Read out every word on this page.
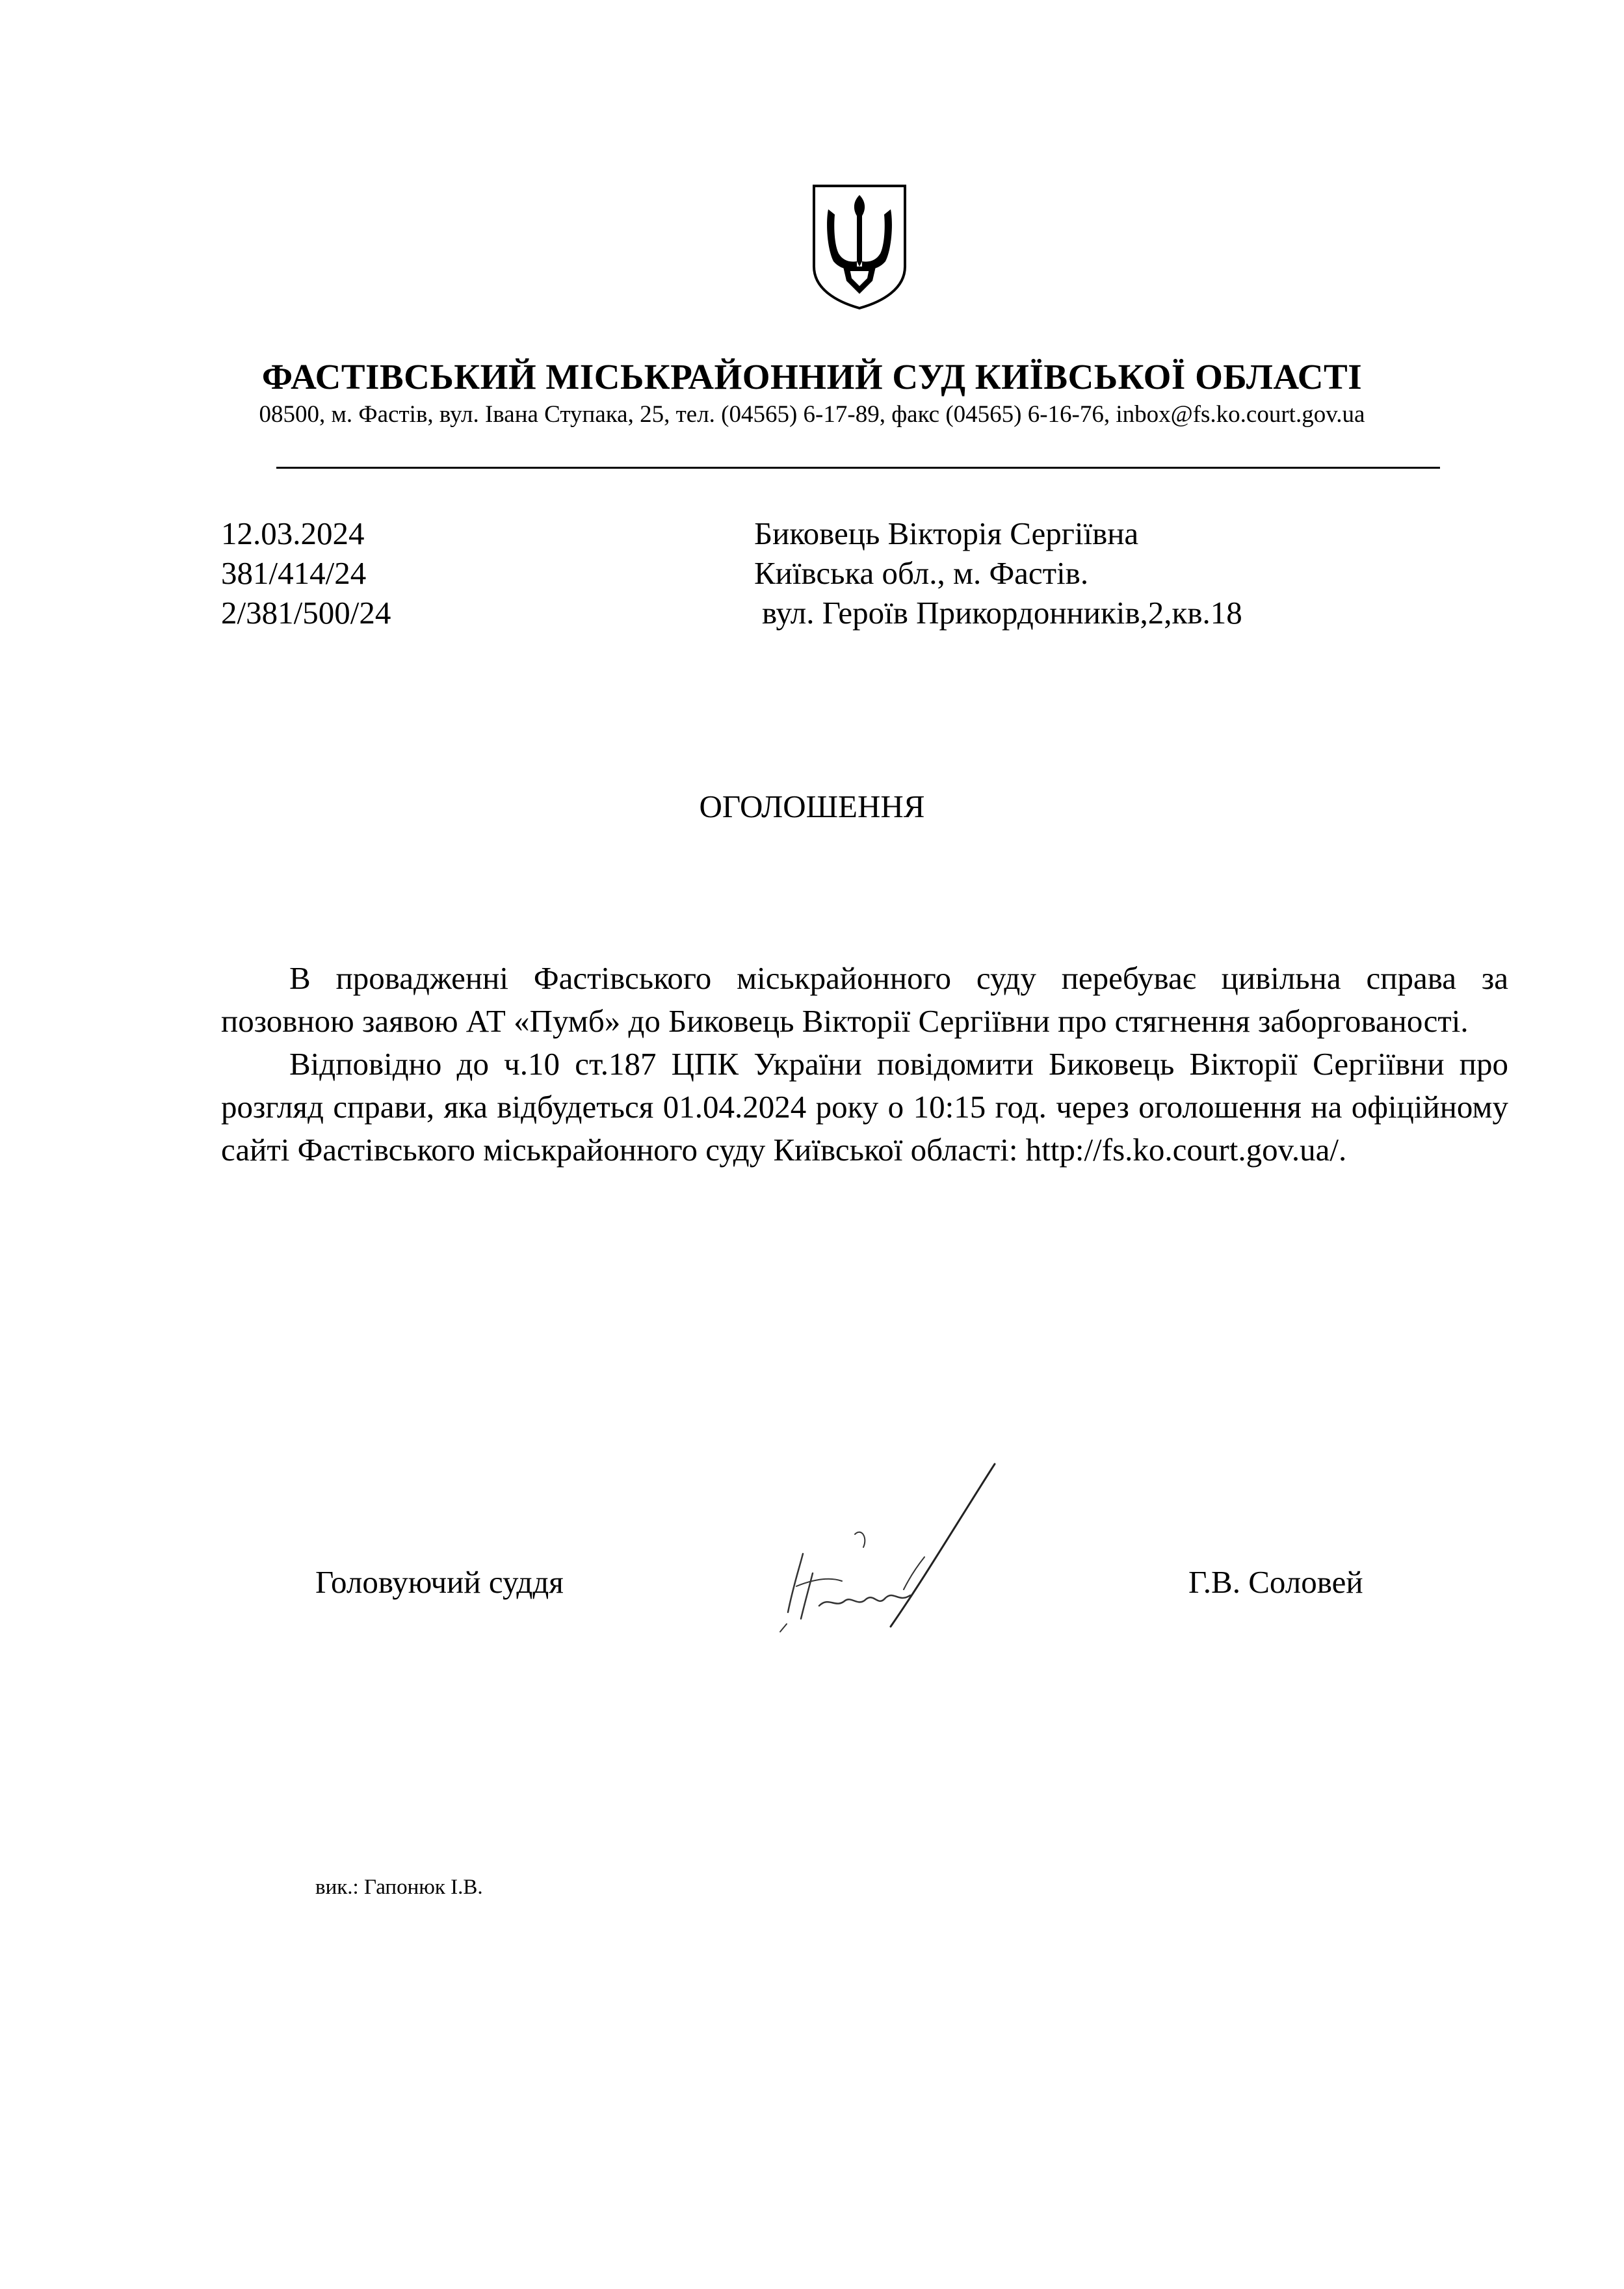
ФАСТІВСЬКИЙ МІСЬКРАЙОННИЙ СУД КИЇВСЬКОЇ ОБЛАСТІ

08500, м. Фастів, вул. Івана Ступака, 25, тел. (04565) 6-17-89, факс (04565) 6-16-76, inbox@fs.ko.court.gov.ua

12.03.2024
381/414/24
2/381/500/24
Биковець Вікторія Сергіївна
Київська обл., м. Фастів.
вул. Героїв Прикордонників,2,кв.18
ОГОЛОШЕННЯ

В провадженні Фастівського міськрайонного суду перебуває цивільна справа за позовною заявою АТ «Пумб» до Биковець Вікторії Сергіївни про стягнення заборгованості.

Відповідно до ч.10 ст.187 ЦПК України повідомити Биковець Вікторії Сергіївни про розгляд справи, яка відбудеться 01.04.2024 року о 10:15 год. через оголошення на офіційному сайті Фастівського міськрайонного суду Київської області: http://fs.ko.court.gov.ua/.

Головуючий суддя	Г.В. Соловей
вик.: Гапонюк І.В.
